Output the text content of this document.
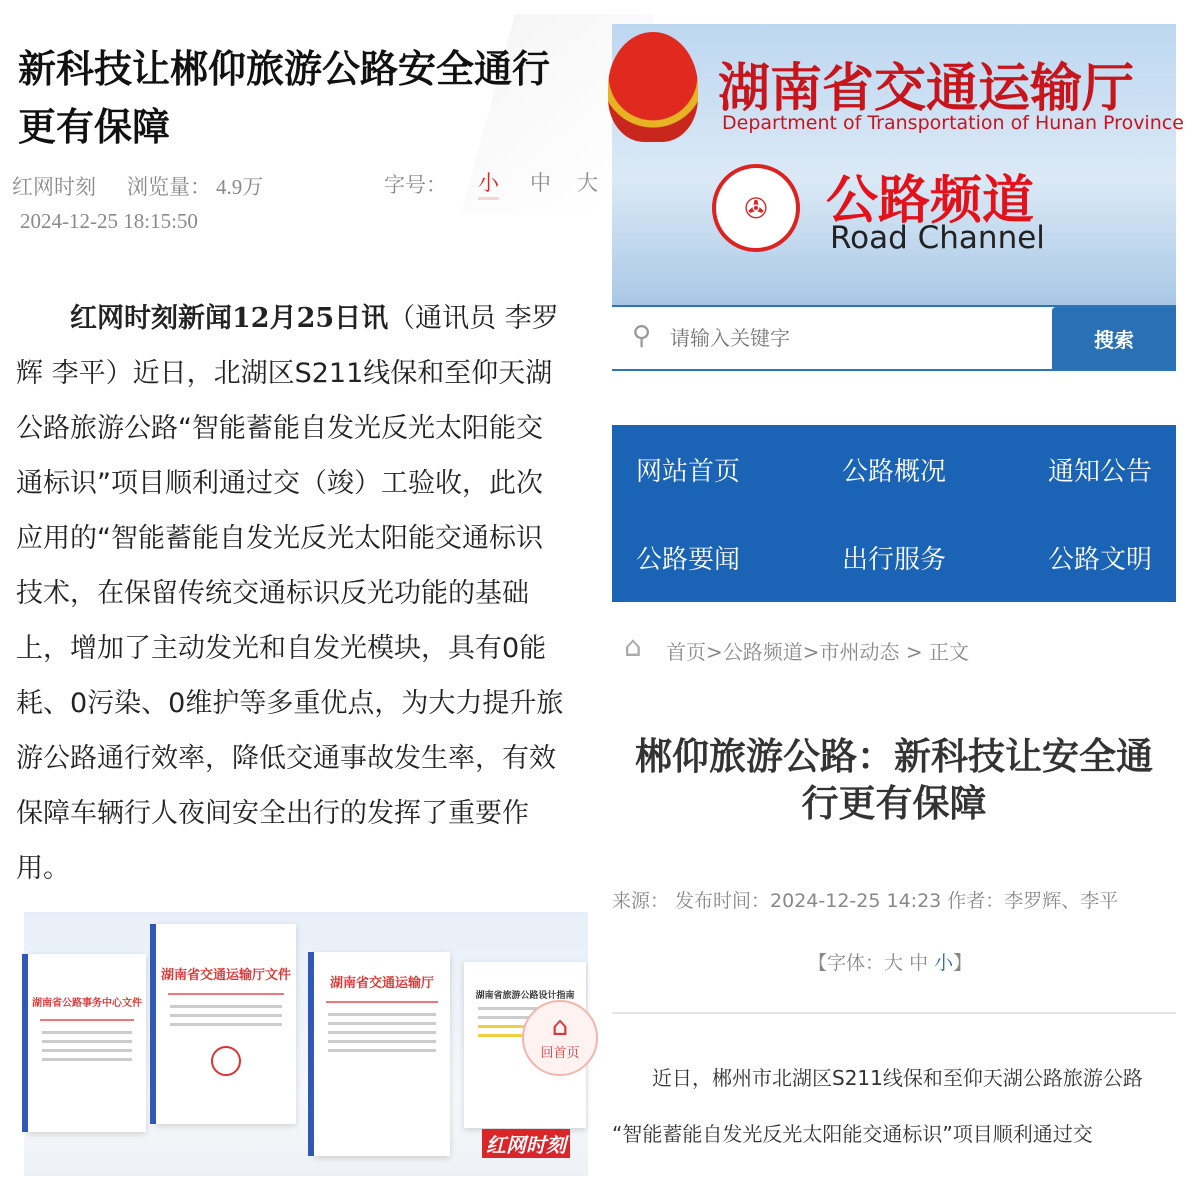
新科技让郴仰旅游公路安全通行
更有保障
红网时刻 浏览量： 4.9万	字号： 小 中 大
2024-12-25 18:15:50
红网时刻新闻12月25日讯（通讯员 李罗
辉 李平）近日，北湖区S211线保和至仰天湖
公路旅游公路“智能蓄能自发光反光太阳能交
通标识”项目顺利通过交（竣）工验收，此次
应用的“智能蓄能自发光反光太阳能交通标识
技术，在保留传统交通标识反光功能的基础
上，增加了主动发光和自发光模块，具有0能
耗、0污染、0维护等多重优点，为大力提升旅
游公路通行效率，降低交通事故发生率，有效
保障车辆行人夜间安全出行的发挥了重要作
用。
湖南省公路事务中心文件
湖南省交通运输厅文件
湖南省交通运输厅
湖南省旅游公路设计指南
⌂
回首页
红网时刻
湖南省交通运输厅
Department of Transportation of Hunan Province
✇	公路频道
Road Channel
⚲
请输入关键字	搜索
网站首页	公路概况	通知公告
公路要闻	出行服务	公路文明
⌂ 首页>公路频道>市州动态 > 正文
郴仰旅游公路：新科技让安全通
行更有保障
来源： 发布时间：2024-12-25 14:23 作者：李罗辉、李平
【字体：大 中 小】
近日，郴州市北湖区S211线保和至仰天湖公路旅游公路
“智能蓄能自发光反光太阳能交通标识”项目顺利通过交
